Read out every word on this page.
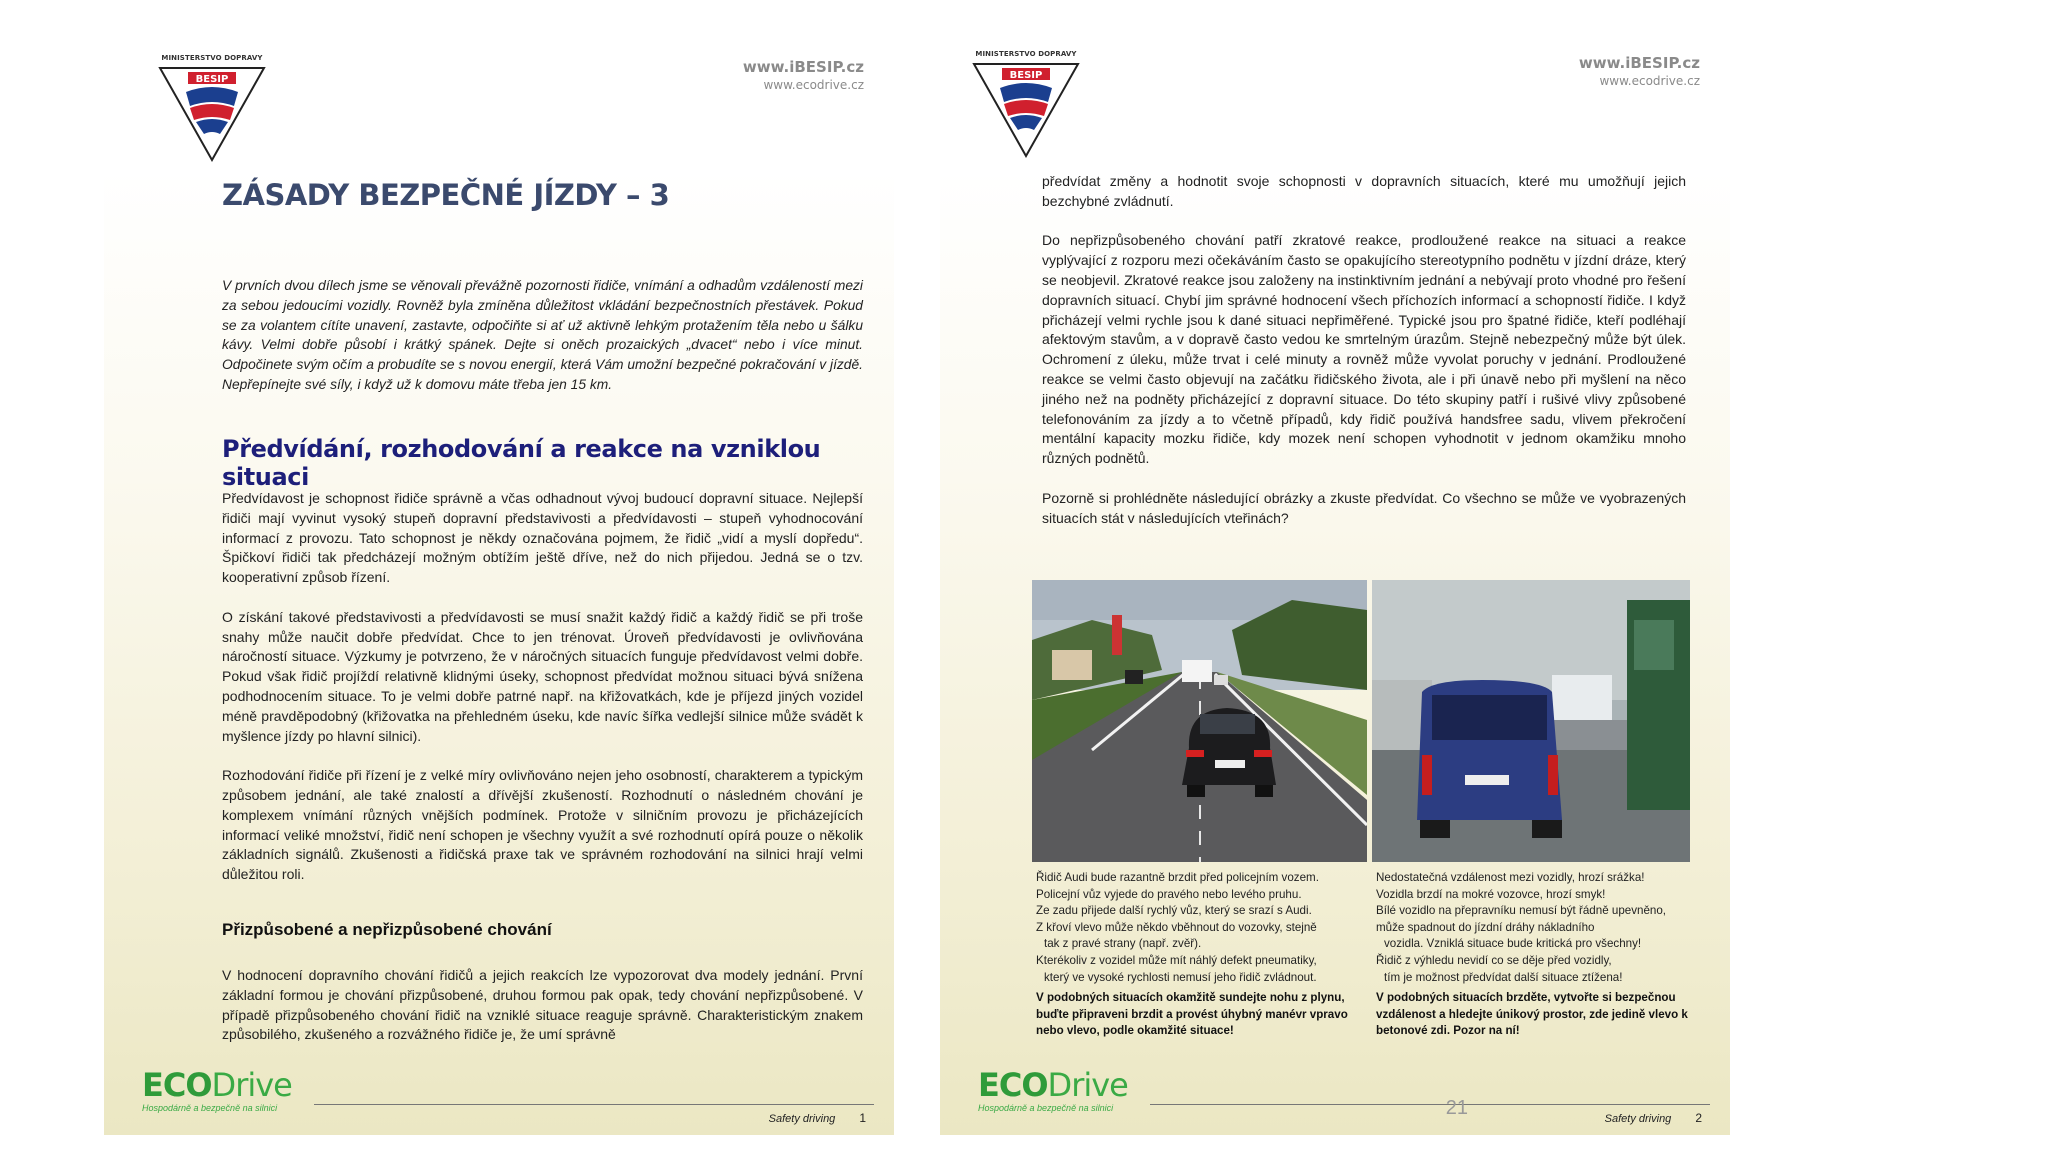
MINISTERSTVO DOPRAVY
BESIP
www.iBESIP.cz
www.ecodrive.cz
ZÁSADY BEZPEČNÉ JÍZDY – 3

V prvních dvou dílech jsme se věnovali převážně pozornosti řidiče, vnímání a odhadům vzdáleností mezi za sebou jedoucími vozidly. Rovněž byla zmíněna důležitost vkládání bezpečnostních přestávek. Pokud se za volantem cítíte unavení, zastavte, odpočiňte si ať už aktivně lehkým protažením těla nebo u šálku kávy. Velmi dobře působí i krátký spánek. Dejte si oněch prozaických „dvacet“ nebo i více minut. Odpočinete svým očím a probudíte se s novou energií, která Vám umožní bezpečné pokračování v jízdě. Nepřepínejte své síly, i když už k domovu máte třeba jen 15 km.

Předvídání, rozhodování a reakce na vzniklou situaci

Předvídavost je schopnost řidiče správně a včas odhadnout vývoj budoucí dopravní situace. Nejlepší řidiči mají vyvinut vysoký stupeň dopravní představivosti a předvídavosti – stupeň vyhodnocování informací z provozu. Tato schopnost je někdy označována pojmem, že řidič „vidí a myslí dopředu“. Špičkoví řidiči tak předcházejí možným obtížím ještě dříve, než do nich přijedou. Jedná se o tzv. kooperativní způsob řízení.

O získání takové představivosti a předvídavosti se musí snažit každý řidič a každý řidič se při troše snahy může naučit dobře předvídat. Chce to jen trénovat. Úroveň předvídavosti je ovlivňována náročností situace. Výzkumy je potvrzeno, že v náročných situacích funguje předvídavost velmi dobře. Pokud však řidič projíždí relativně klidnými úseky, schopnost předvídat možnou situaci bývá snížena podhodnocením situace. To je velmi dobře patrné např. na křižovatkách, kde je příjezd jiných vozidel méně pravděpodobný (křižovatka na přehledném úseku, kde navíc šířka vedlejší silnice může svádět k myšlence jízdy po hlavní silnici).

Rozhodování řidiče při řízení je z velké míry ovlivňováno nejen jeho osobností, charakterem a typickým způsobem jednání, ale také znalostí a dřívější zkušeností. Rozhodnutí o následném chování je komplexem vnímání různých vnějších podmínek. Protože v silničním provozu je přicházejících informací veliké množství, řidič není schopen je všechny využít a své rozhodnutí opírá pouze o několik základních signálů. Zkušenosti a řidičská praxe tak ve správném rozhodování na silnici hrají velmi důležitou roli.

Přizpůsobené a nepřizpůsobené chování

V hodnocení dopravního chování řidičů a jejich reakcích lze vypozorovat dva modely jednání. První základní formou je chování přizpůsobené, druhou formou pak opak, tedy chování nepřizpůsobené. V případě přizpůsobeného chování řidič na vzniklé situace reaguje správně. Charakteristickým znakem způsobilého, zkušeného a rozvážného řidiče je, že umí správně

ECODrive
Hospodárně a bezpečně na silnici
Safety driving 1
MINISTERSTVO DOPRAVY
BESIP
www.iBESIP.cz
www.ecodrive.cz

předvídat změny a hodnotit svoje schopnosti v dopravních situacích, které mu umožňují jejich bezchybné zvládnutí.

Do nepřizpůsobeného chování patří zkratové reakce, prodloužené reakce na situaci a reakce vyplývající z rozporu mezi očekáváním často se opakujícího stereotypního podnětu v jízdní dráze, který se neobjevil. Zkratové reakce jsou založeny na instinktivním jednání a nebývají proto vhodné pro řešení dopravních situací. Chybí jim správné hodnocení všech příchozích informací a schopností řidiče. I když přicházejí velmi rychle jsou k dané situaci nepřiměřené. Typické jsou pro špatné řidiče, kteří podléhají afektovým stavům, a v dopravě často vedou ke smrtelným úrazům. Stejně nebezpečný může být úlek. Ochromení z úleku, může trvat i celé minuty a rovněž může vyvolat poruchy v jednání. Prodloužené reakce se velmi často objevují na začátku řidičského života, ale i při únavě nebo při myšlení na něco jiného než na podněty přicházející z dopravní situace. Do této skupiny patří i rušivé vlivy způsobené telefonováním za jízdy a to včetně případů, kdy řidič používá handsfree sadu, vlivem překročení mentální kapacity mozku řidiče, kdy mozek není schopen vyhodnotit v jednom okamžiku mnoho různých podnětů.

Pozorně si prohlédněte následující obrázky a zkuste předvídat. Co všechno se může ve vyobrazených situacích stát v následujících vteřinách?

Řidič Audi bude razantně brzdit před policejním vozem.

Policejní vůz vyjede do pravého nebo levého pruhu.

Ze zadu přijede další rychlý vůz, který se srazí s Audi.

Z křoví vlevo může někdo vběhnout do vozovky, stejně

tak z pravé strany (např. zvěř).

Kterékoliv z vozidel může mít náhlý defekt pneumatiky,

který ve vysoké rychlosti nemusí jeho řidič zvládnout.

V podobných situacích okamžitě sundejte nohu z plynu, buďte připraveni brzdit a provést úhybný manévr vpravo nebo vlevo, podle okamžité situace!

Nedostatečná vzdálenost mezi vozidly, hrozí srážka!

Vozidla brzdí na mokré vozovce, hrozí smyk!

Bílé vozidlo na přepravníku nemusí být řádně upevněno, může spadnout do jízdní dráhy nákladního

vozidla. Vzniklá situace bude kritická pro všechny!

Řidič z výhledu nevidí co se děje před vozidly,

tím je možnost předvídat další situace ztížena!

V podobných situacích brzděte, vytvořte si bezpečnou vzdálenost a hledejte únikový prostor, zde jedině vlevo k betonové zdi. Pozor na ní!

ECODrive
Hospodárně a bezpečně na silnici
Safety driving 2
21
